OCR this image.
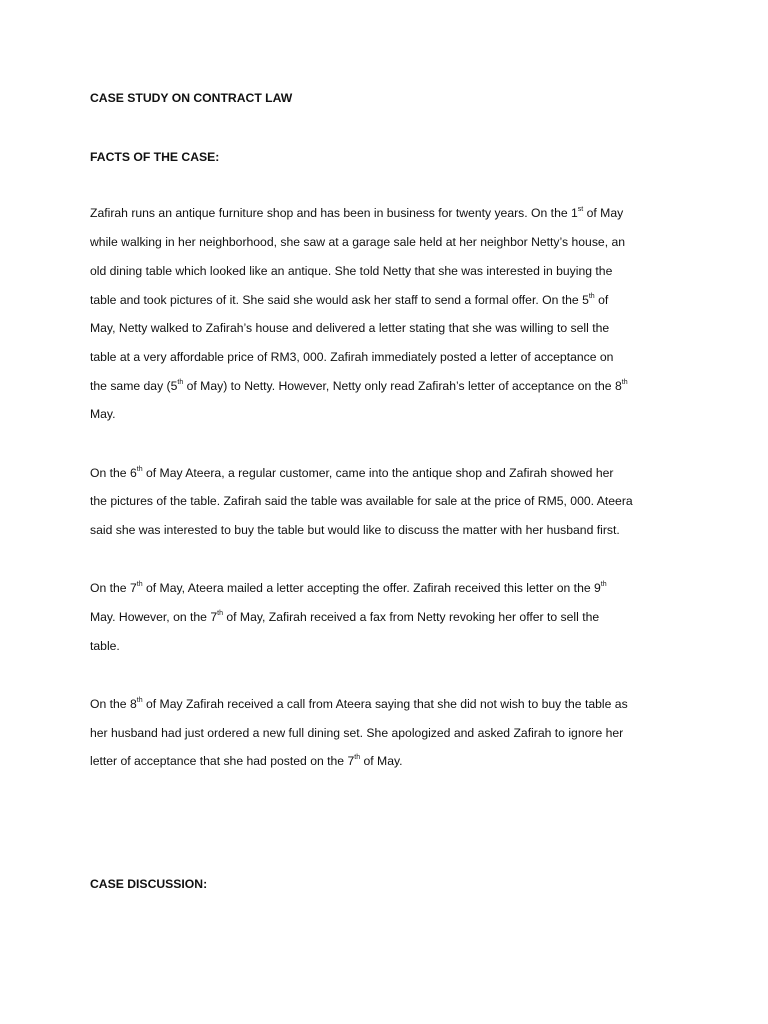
CASE STUDY ON CONTRACT LAW

FACTS OF THE CASE:

Zafirah runs an antique furniture shop and has been in business for twenty years. On the 1st of May

while walking in her neighborhood, she saw at a garage sale held at her neighbor Netty’s house, an

old dining table which looked like an antique. She told Netty that she was interested in buying the

table and took pictures of it. She said she would ask her staff to send a formal offer. On the 5th of

May, Netty walked to Zafirah’s house and delivered a letter stating that she was willing to sell the

table at a very affordable price of RM3, 000. Zafirah immediately posted a letter of acceptance on

the same day (5th of May) to Netty. However, Netty only read Zafirah’s letter of acceptance on the 8th

May.

On the 6th of May Ateera, a regular customer, came into the antique shop and Zafirah showed her

the pictures of the table. Zafirah said the table was available for sale at the price of RM5, 000. Ateera

said she was interested to buy the table but would like to discuss the matter with her husband first.

On the 7th of May, Ateera mailed a letter accepting the offer. Zafirah received this letter on the 9th

May. However, on the 7th of May, Zafirah received a fax from Netty revoking her offer to sell the

table.

On the 8th of May Zafirah received a call from Ateera saying that she did not wish to buy the table as

her husband had just ordered a new full dining set. She apologized and asked Zafirah to ignore her

letter of acceptance that she had posted on the 7th of May.

CASE DISCUSSION:
